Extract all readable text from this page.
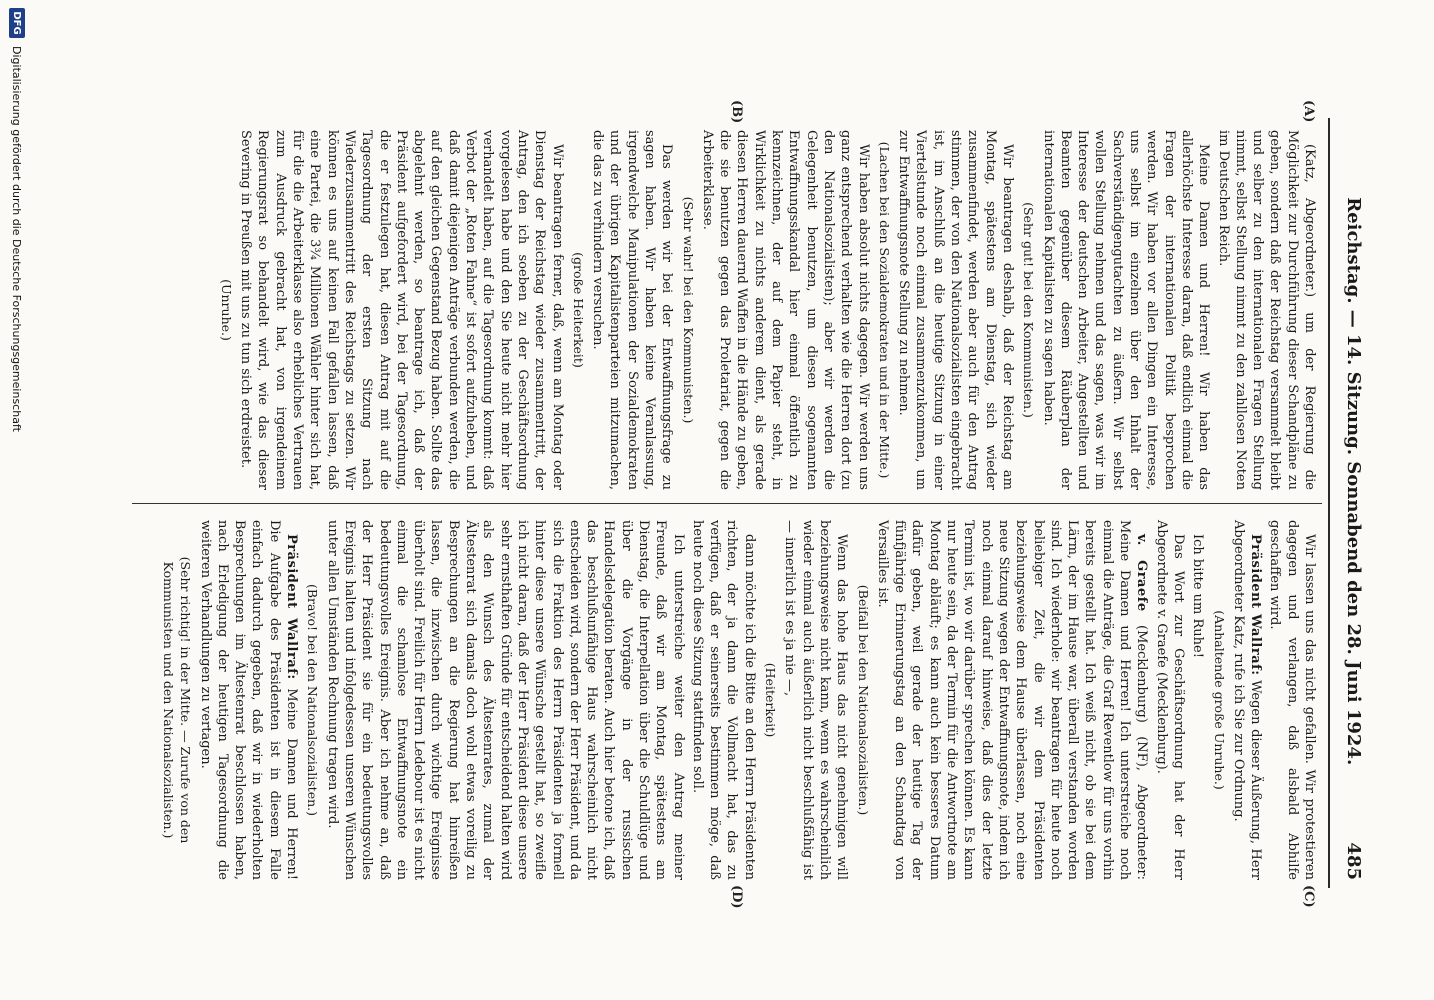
Reichstag. — 14. Sitzung. Sonnabend den 28. Juni 1924.
485
(A)
(B)
(C)
(D)

(Katz, Abgeordneter.) um der Regierung die Möglichkeit zur Durchführung dieser Schandpläne zu geben, sondern daß der Reichstag versammelt bleibt und selber zu den internationalen Fragen Stellung nimmt, selbst Stellung nimmt zu den zahllosen Noten im Deutschen Reich.

Meine Damen und Herren! Wir haben das allerhöchste Interesse daran, daß endlich einmal die Fragen der internationalen Politik besprochen werden. Wir haben vor allen Dingen ein Interesse, uns selbst im einzelnen über den Inhalt der Sachverständigengutachten zu äußern. Wir selbst wollen Stellung nehmen und das sagen, was wir im Interesse der deutschen Arbeiter, Angestellten und Beamten gegenüber diesem Räuberplan der internationalen Kapitalisten zu sagen haben.

(Sehr gut! bei den Kommunisten.)

Wir beantragen deshalb, daß der Reichstag am Montag, spätestens am Dienstag, sich wieder zusammenfindet, werden aber auch für den Antrag stimmen, der von den Nationalsozialisten eingebracht ist, im Anschluß an die heutige Sitzung in einer Viertelstunde noch einmal zusammenzukommen, um zur Entwaffnungsnote Stellung zu nehmen.

(Lachen bei den Sozialdemokraten und in der Mitte.)

Wir haben absolut nichts dagegen. Wir werden uns ganz entsprechend verhalten wie die Herren dort (zu den Nationalsozialisten); aber wir werden die Gelegenheit benutzen, um diesen sogenannten Entwaffnungsskandal hier einmal öffentlich zu kennzeichnen, der auf dem Papier steht, in Wirklichkeit zu nichts anderem dient, als gerade diesen Herren dauernd Waffen in die Hände zu geben, die sie benutzen gegen das Proletariat, gegen die Arbeiterklasse.

(Sehr wahr! bei den Kommunisten.)

Das werden wir bei der Entwaffnungsfrage zu sagen haben. Wir haben keine Veranlassung, irgendwelche Manipulationen der Sozialdemokraten und der übrigen Kapitalistenparteien mitzumachen, die das zu verhindern versuchen.

(große Heiterkeit)

Wir beantragen ferner, daß, wenn am Montag oder Dienstag der Reichstag wieder zusammentritt, der Antrag, den ich soeben zu der Geschäftsordnung vorgelesen habe und den Sie heute nicht mehr hier verhandelt haben, auf die Tagesordnung kommt: daß Verbot der „Roten Fahne“ ist sofort aufzuheben, und daß damit diejenigen Anträge verbunden werden, die auf den gleichen Gegenstand Bezug haben. Sollte das abgelehnt werden, so beantrage ich, daß der Präsident aufgefordert wird, bei der Tagesordnung, die er festzulegen hat, diesen Antrag mit auf die Tagesordnung der ersten Sitzung nach Wiederzusammentritt des Reichstags zu setzen. Wir können es uns auf keinen Fall gefallen lassen, daß eine Partei, die 3¾ Millionen Wähler hinter sich hat, für die die Arbeiterklasse also erhebliches Vertrauen zum Ausdruck gebracht hat, von irgendeinem Regierungsrat so behandelt wird, wie das dieser Severing in Preußen mit uns zu tun sich erdreistet.

(Unruhe.)

Wir lassen uns das nicht gefallen. Wir protestieren dagegen und verlangen, daß alsbald Abhilfe geschaffen wird.

Präsident Wallraf: Wegen dieser Äußerung, Herr Abgeordneter Katz, rufe ich Sie zur Ordnung.

(Anhaltende große Unruhe.)

Ich bitte um Ruhe!

Das Wort zur Geschäftsordnung hat der Herr Abgeordnete v. Graefe (Mecklenburg).

v. Graefe (Mecklenburg) (NF), Abgeordneter: Meine Damen und Herren! Ich unterstreiche noch einmal die Anträge, die Graf Reventlow für uns vorhin bereits gestellt hat. Ich weiß nicht, ob sie bei dem Lärm, der im Hause war, überall verstanden worden sind. Ich wiederhole: wir beantragen für heute noch beliebiger Zeit, die wir dem Präsidenten beziehungsweise dem Hause überlassen, noch eine neue Sitzung wegen der Entwaffnungsnote, indem ich noch einmal darauf hinweise, daß dies der letzte Termin ist, wo wir darüber sprechen können. Es kann nur heute sein, da der Termin für die Antwortnote am Montag abläuft; es kann auch kein besseres Datum dafür geben, weil gerade der heutige Tag der fünfjährige Erinnerungstag an den Schandtag von Versailles ist.

(Beifall bei den Nationalsozialisten.)

Wenn das hohe Haus das nicht genehmigen will beziehungsweise nicht kann, wenn es wahrscheinlich wieder einmal auch äußerlich nicht beschlußfähig ist — innerlich ist es ja nie —,

(Heiterkeit)

dann möchte ich die Bitte an den Herrn Präsidenten richten, der ja dann die Vollmacht hat, das zu verfügen, daß er seinerseits bestimmen möge, daß heute noch diese Sitzung stattfinden soll.

Ich unterstreiche weiter den Antrag meiner Freunde, daß wir am Montag, spätestens am Dienstag, die Interpellation über die Schuldlüge und über die Vorgänge in der russischen Handelsdelegation beraten. Auch hier betone ich, daß das beschlußunfähige Haus wahrscheinlich nicht entscheiden wird, sondern der Herr Präsident, und da sich die Fraktion des Herrn Präsidenten ja formell hinter diese unsere Wünsche gestellt hat, so zweifle ich nicht daran, daß der Herr Präsident diese unsere sehr ernsthaften Gründe für entscheidend halten wird als den Wunsch des Ältestenrates, zumal der Ältestenrat sich damals doch wohl etwas voreilig zu Besprechungen an die Regierung hat hinreißen lassen, die inzwischen durch wichtige Ereignisse überholt sind. Freilich für Herrn Ledebour ist es nicht einmal die schamlose Entwaffnungsnote ein bedeutungsvolles Ereignis. Aber ich nehme an, daß der Herr Präsident sie für ein bedeutungsvolles Ereignis halten und infolgedessen unseren Wünschen unter allen Umständen Rechnung tragen wird.

(Bravo! bei den Nationalsozialisten.)

Präsident Wallraf: Meine Damen und Herren! Die Aufgabe des Präsidenten ist in diesem Falle einfach dadurch gegeben, daß wir in wiederholten Besprechungen im Ältestenrat beschlossen haben, nach Erledigung der heutigen Tagesordnung die weiteren Verhandlungen zu vertagen.

(Sehr richtig! in der Mitte. — Zurufe von den Kommunisten und den Nationalsozialisten.)

DFG
Digitalisierung gefördert durch die Deutsche Forschungsgemeinschaft
